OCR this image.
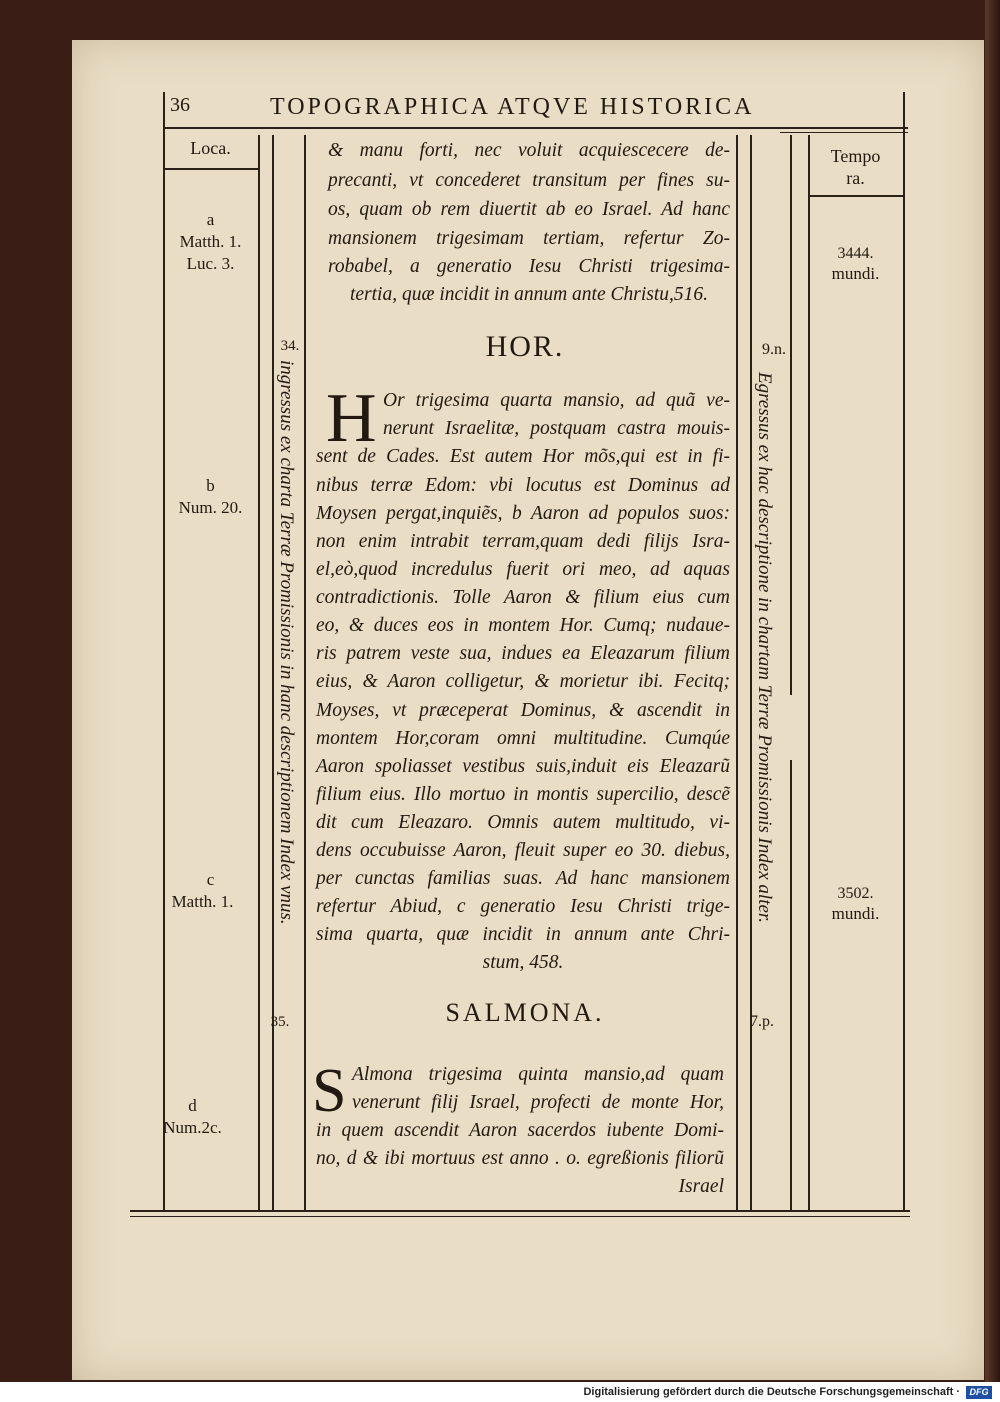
36	TOPOGRAPHICA ATQVE HISTORICA
Loca.	Tempo
ra.
a
Matth. 1.
Luc. 3.
b
Num. 20.
c
Matth. 1.
d
Num.2c.
3444.
mundi.
3502.
mundi.
34.	9.n.
35.	7.p.
ingressus ex charta Terræ Promissionis in hanc descriptionem Index vnus.	Egressus ex hac descriptione in chartam Terræ Promissionis Index alter.
& manu forti, nec voluit acquiescecere de-
precanti, vt concederet transitum per fines su-
os, quam ob rem diuertit ab eo Israel. Ad hanc
mansionem trigesimam tertiam, refertur Zo-
robabel, a generatio Iesu Christi trigesima-
tertia, quæ incidit in annum ante Christu,516.
HOR.
H Or trigesima quarta mansio, ad quã ve-
nerunt Israelitæ, postquam castra mouis-
sent de Cades. Est autem Hor mõs,qui est in fi-
nibus terræ Edom: vbi locutus est Dominus ad
Moysen pergat,inquiẽs, b Aaron ad populos suos:
non enim intrabit terram,quam dedi filijs Isra-
el,eò,quod incredulus fuerit ori meo, ad aquas
contradictionis. Tolle Aaron & filium eius cum
eo, & duces eos in montem Hor. Cumq; nudaue-
ris patrem veste sua, indues ea Eleazarum filium
eius, & Aaron colligetur, & morietur ibi. Fecitq;
Moyses, vt præceperat Dominus, & ascendit in
montem Hor,coram omni multitudine. Cumqúe
Aaron spoliasset vestibus suis,induit eis Eleazarũ
filium eius. Illo mortuo in montis supercilio, descẽ
dit cum Eleazaro. Omnis autem multitudo, vi-
dens occubuisse Aaron, fleuit super eo 30. diebus,
per cunctas familias suas. Ad hanc mansionem
refertur Abiud, c generatio Iesu Christi trige-
sima quarta, quæ incidit in annum ante Chri-
stum, 458.
SALMONA.
S Almona trigesima quinta mansio,ad quam
venerunt filij Israel, profecti de monte Hor,
in quem ascendit Aaron sacerdos iubente Domi-
no, d & ibi mortuus est anno . o. egreßionis filiorũ
Israel
Digitalisierung gefördert durch die Deutsche Forschungsgemeinschaft ·	DFG
